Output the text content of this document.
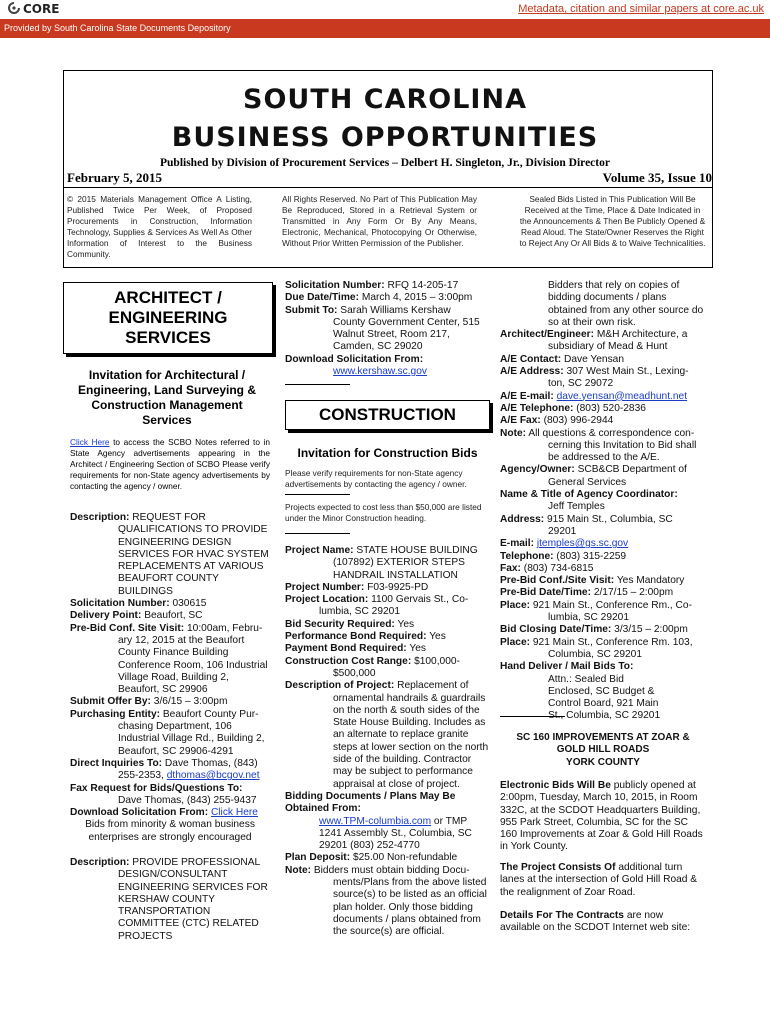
CORE	Metadata, citation and similar papers at core.ac.uk
Provided by South Carolina State Documents Depository
SOUTH CAROLINA
BUSINESS OPPORTUNITIES
Published by Division of Procurement Services – Delbert H. Singleton, Jr., Division Director
February 5, 2015	Volume 35, Issue 10
© 2015 Materials Management Office A Listing, Published Twice Per Week, of Proposed Procurements in Construction, Information Technology, Supplies & Services As Well As Other Information of Interest to the Business Community.
All Rights Reserved. No Part of This Publication May Be Reproduced, Stored in a Retrieval System or Transmitted in Any Form Or By Any Means, Electronic, Mechanical, Photocopying Or Otherwise, Without Prior Written Permission of the Publisher.
Sealed Bids Listed in This Publication Will Be Received at the Time, Place & Date Indicated in the Announcements & Then Be Publicly Opened & Read Aloud. The State/Owner Reserves the Right to Reject Any Or All Bids & to Waive Technicalities.
ARCHITECT /
ENGINEERING
SERVICES
Invitation for Architectural / Engineering, Land Surveying & Construction Management Services
Click Here to access the SCBO Notes referred to in State Agency advertisements appearing in the Architect / Engineering Section of SCBO Please verify requirements for non-State agency advertisements by contacting the agency / owner.
Description: REQUEST FOR
QUALIFICATIONS TO PROVIDE ENGINEERING DESIGN SERVICES FOR HVAC SYSTEM REPLACEMENTS AT VARIOUS BEAUFORT COUNTY BUILDINGS
Solicitation Number: 030615
Delivery Point: Beaufort, SC
Pre-Bid Conf. Site Visit: 10:00am, Febru-
ary 12, 2015 at the Beaufort County Finance Building Conference Room, 106 Industrial Village Road, Building 2, Beaufort, SC 29906
Submit Offer By: 3/6/15 – 3:00pm
Purchasing Entity: Beaufort County Pur-
chasing Department, 106 Industrial Village Rd., Building 2, Beaufort, SC 29906-4291
Direct Inquiries To: Dave Thomas, (843)
255-2353, dthomas@bcgov.net
Fax Request for Bids/Questions To:
Dave Thomas, (843) 255-9437
Download Solicitation From: Click Here
Bids from minority & woman business enterprises are strongly encouraged
Description: PROVIDE PROFESSIONAL
DESIGN/CONSULTANT ENGINEERING SERVICES FOR KERSHAW COUNTY TRANSPORTATION COMMITTEE (CTC) RELATED PROJECTS
Solicitation Number: RFQ 14-205-17
Due Date/Time: March 4, 2015 – 3:00pm
Submit To: Sarah Williams Kershaw
County Government Center, 515 Walnut Street, Room 217, Camden, SC 29020
Download Solicitation From:
www.kershaw.sc.gov
CONSTRUCTION
Invitation for Construction Bids
Please verify requirements for non-State agency advertisements by contacting the agency / owner.
Projects expected to cost less than $50,000 are listed under the Minor Construction heading.
Project Name: STATE HOUSE BUILDING
(107892) EXTERIOR STEPS HANDRAIL INSTALLATION
Project Number: F03-9925-PD
Project Location: 1100 Gervais St., Co-
lumbia, SC 29201
Bid Security Required: Yes
Performance Bond Required: Yes
Payment Bond Required: Yes
Construction Cost Range: $100,000-
$500,000
Description of Project: Replacement of
ornamental handrails & guardrails on the north & south sides of the State House Building. Includes as an alternate to replace granite steps at lower section on the north side of the building. Contractor may be subject to performance appraisal at close of project.
Bidding Documents / Plans May Be Obtained From:
www.TPM-columbia.com or TMP 1241 Assembly St., Columbia, SC 29201 (803) 252-4770
Plan Deposit: $25.00 Non-refundable
Note: Bidders must obtain bidding Docu-
ments/Plans from the above listed source(s) to be listed as an official plan holder. Only those bidding documents / plans obtained from the source(s) are official.
Bidders that rely on copies of bidding documents / plans obtained from any other source do so at their own risk.
Architect/Engineer: M&H Architecture, a
subsidiary of Mead & Hunt
A/E Contact: Dave Yensan
A/E Address: 307 West Main St., Lexing-
ton, SC 29072
A/E E-mail: dave.yensan@meadhunt.net
A/E Telephone: (803) 520-2836
A/E Fax: (803) 996-2944
Note: All questions & correspondence con-
cerning this Invitation to Bid shall be addressed to the A/E.
Agency/Owner: SCB&CB Department of
General Services
Name & Title of Agency Coordinator:
Jeff Temples
Address: 915 Main St., Columbia, SC
29201
E-mail: jtemples@gs.sc.gov
Telephone: (803) 315-2259
Fax: (803) 734-6815
Pre-Bid Conf./Site Visit: Yes Mandatory
Pre-Bid Date/Time: 2/17/15 – 2:00pm
Place: 921 Main St., Conference Rm., Co-
lumbia, SC 29201
Bid Closing Date/Time: 3/3/15 – 2:00pm
Place: 921 Main St., Conference Rm. 103,
Columbia, SC 29201
Hand Deliver / Mail Bids To:
Attn.: Sealed Bid Enclosed, SC Budget & Control Board, 921 Main St., Columbia, SC 29201
SC 160 IMPROVEMENTS AT ZOAR & GOLD HILL ROADS
YORK COUNTY
Electronic Bids Will Be publicly opened at 2:00pm, Tuesday, March 10, 2015, in Room 332C, at the SCDOT Headquarters Building, 955 Park Street, Columbia, SC for the SC 160 Improvements at Zoar & Gold Hill Roads in York County.
The Project Consists Of additional turn lanes at the intersection of Gold Hill Road & the realignment of Zoar Road.
Details For The Contracts are now available on the SCDOT Internet web site:
